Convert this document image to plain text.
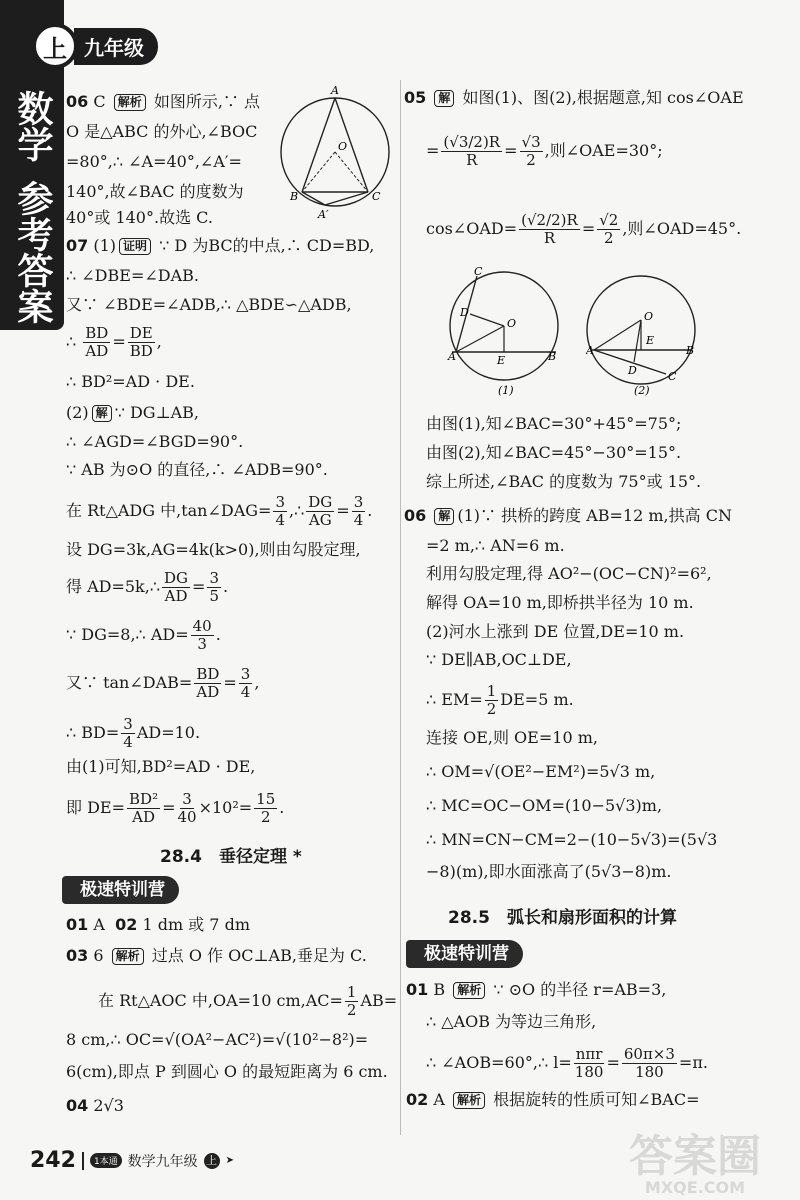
上 九年级
数学
参考答案
06 C 解析 如图所示,∵ 点
O 是△ABC 的外心,∠BOC
=80°,∴ ∠A=40°,∠A′=
140°,故∠BAC 的度数为
40°或 140°.故选 C.
A
O
B	C
A′
07 (1) 证明 ∵ D 为BC的中点,∴ CD=BD,
∴ ∠DBE=∠DAB.
又∵ ∠BDE=∠ADB,∴ △BDE∽△ADB,
∴ $\frac{BD}{AD} = \frac{DE}{BD}$ ,
∴ BD²=AD · DE.
(2) 解 ∵ DG⊥AB,
∴ ∠AGD=∠BGD=90°.
∵ AB 为⊙O 的直径,∴ ∠ADB=90°.
在 Rt△ADG 中,tan∠DAG= $\frac{3}{4}$ ,∴ $\frac{DG}{AG} = \frac{3}{4}$ .
设 DG=3k,AG=4k(k>0),则由勾股定理,
得 AD=5k,∴ $\frac{DG}{AD} = \frac{3}{5}$ .
∵ DG=8,∴ $AD= \frac{40}{3}$ .
又∵ tan∠DAB= $\frac{BD}{AD} = \frac{3}{4}$ ,
∴ $BD= \frac{3}{4} AD=10$.
由(1)可知,BD²=AD · DE,
即 $DE= \frac{\text{BD²}}{AD} = \frac{3}{40} \times 10^2= \frac{15}{2}$ .
28.4　垂径定理 *
极速特训营
01 A 02 1 dm 或 7 dm
03 6 解析 过点 O 作 OC⊥AB,垂足为 C.
在 Rt△AOC 中,OA=10 $cm,AC= \frac{1}{2} AB=$
8 cm,∴ OC=√(OA²−AC²)=√(10²−8²)=
6(cm),即点 P 到圆心 O 的最短距离为 6 cm.
04 2√3
05 解 如图(1)、图(2),根据题意,知 cos∠OAE
= $\frac{(√3/2)R}{R} = \frac{√3}{2}$ ,则∠OAE=30°;
cos∠OAD= $\frac{(√2/2)R}{R} = \frac{√2}{2}$ ,则∠OAD=45°.
C
D
O
A	E	B
(1)
O
E
A	B
D	C
(2)
由图(1),知∠BAC=30°+45°=75°;
由图(2),知∠BAC=45°−30°=15°.
综上所述,∠BAC 的度数为 75°或 15°.
06 解 (1)∵ 拱桥的跨度 AB=12 m,拱高 CN
=2 m,∴ AN=6 m.
利用勾股定理,得 AO²−(OC−CN)²=6²,
解得 OA=10 m,即桥拱半径为 10 m.
(2)河水上涨到 DE 位置,DE=10 m.
∵ DE∥AB,OC⊥DE,
∴ $EM= \frac{1}{2} DE=5$ m.
连接 OE,则 OE=10 m,
∴ OM=√(OE²−EM²)=5√3 m,
∴ MC=OC−OM=(10−5√3)m,
∴ MN=CN−CM=2−(10−5√3)=(5√3
−8)(m),即水面涨高了(5√3−8)m.
28.5　弧长和扇形面积的计算
极速特训营
01 B 解析 ∵ ⊙O 的半径 r=AB=3,
∴ △AOB 为等边三角形,
∴ ∠AOB=60°,∴ $l= \frac{\text{nπr}}{180} = \frac{60\pi\times 3}{180} =\pi$.
02 A 解析 根据旋转的性质可知∠BAC=
242	1本通 数学九年级 上 ➤	答案圈
MXQE.COM
